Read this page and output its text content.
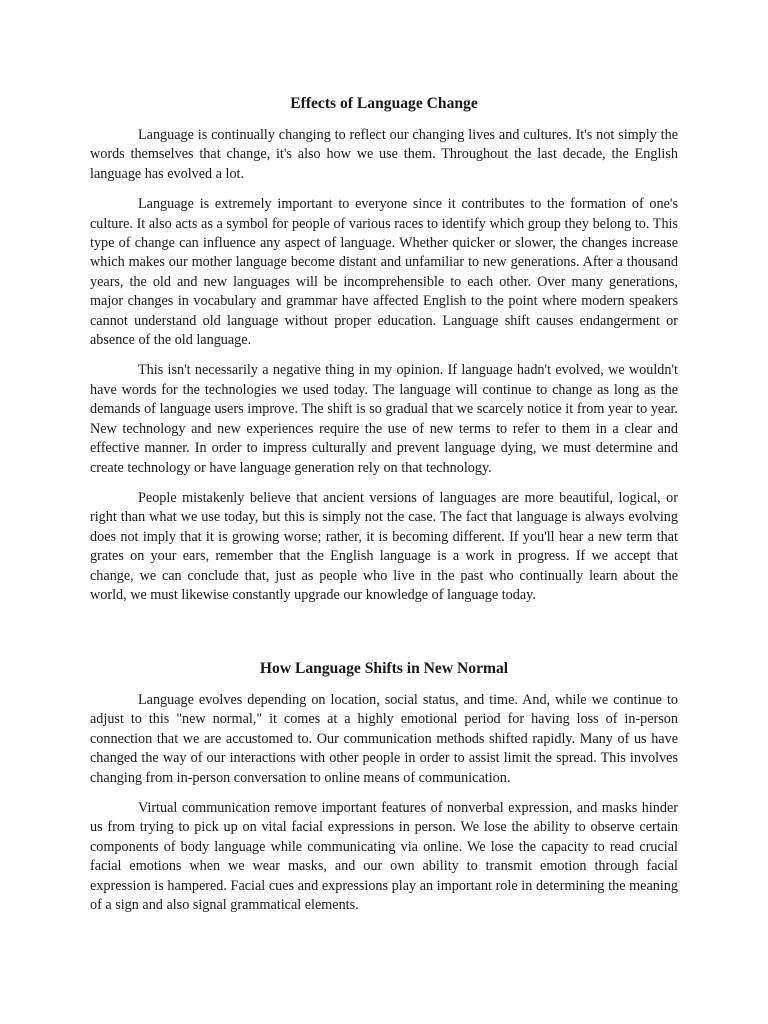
Effects of Language Change

Language is continually changing to reflect our changing lives and cultures. It's not simply the words themselves that change, it's also how we use them. Throughout the last decade, the English language has evolved a lot.

Language is extremely important to everyone since it contributes to the formation of one's culture. It also acts as a symbol for people of various races to identify which group they belong to. This type of change can influence any aspect of language. Whether quicker or slower, the changes increase which makes our mother language become distant and unfamiliar to new generations. After a thousand years, the old and new languages will be incomprehensible to each other. Over many generations, major changes in vocabulary and grammar have affected English to the point where modern speakers cannot understand old language without proper education. Language shift causes endangerment or absence of the old language.

This isn't necessarily a negative thing in my opinion. If language hadn't evolved, we wouldn't have words for the technologies we used today. The language will continue to change as long as the demands of language users improve. The shift is so gradual that we scarcely notice it from year to year. New technology and new experiences require the use of new terms to refer to them in a clear and effective manner. In order to impress culturally and prevent language dying, we must determine and create technology or have language generation rely on that technology.

People mistakenly believe that ancient versions of languages are more beautiful, logical, or right than what we use today, but this is simply not the case. The fact that language is always evolving does not imply that it is growing worse; rather, it is becoming different. If you'll hear a new term that grates on your ears, remember that the English language is a work in progress. If we accept that change, we can conclude that, just as people who live in the past who continually learn about the world, we must likewise constantly upgrade our knowledge of language today.

How Language Shifts in New Normal

Language evolves depending on location, social status, and time. And, while we continue to adjust to this "new normal," it comes at a highly emotional period for having loss of in-person connection that we are accustomed to. Our communication methods shifted rapidly. Many of us have changed the way of our interactions with other people in order to assist limit the spread. This involves changing from in-person conversation to online means of communication.

Virtual communication remove important features of nonverbal expression, and masks hinder us from trying to pick up on vital facial expressions in person. We lose the ability to observe certain components of body language while communicating via online. We lose the capacity to read crucial facial emotions when we wear masks, and our own ability to transmit emotion through facial expression is hampered. Facial cues and expressions play an important role in determining the meaning of a sign and also signal grammatical elements.
